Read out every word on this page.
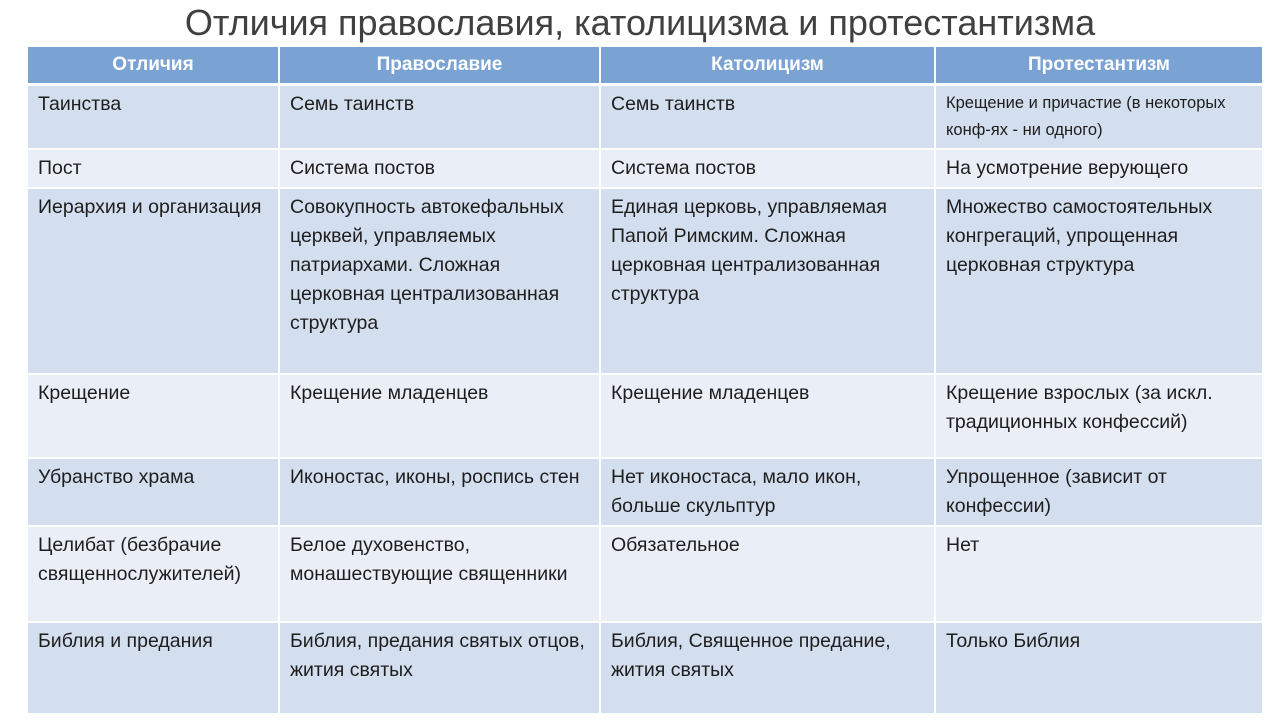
Отличия православия, католицизма и протестантизма
Отличия	Православие	Католицизм	Протестантизм
Таинства	Семь таинств	Семь таинств	Крещение и причастие (в некоторых конф-ях - ни одного)
Пост	Система постов	Система постов	На усмотрение верующего
Иерархия и организация	Совокупность автокефальных церквей, управляемых патриархами. Сложная церковная централизованная структура	Единая церковь, управляемая Папой Римским. Сложная церковная централизованная структура	Множество самостоятельных конгрегаций, упрощенная церковная структура
Крещение	Крещение младенцев	Крещение младенцев	Крещение взрослых (за искл. традиционных конфессий)
Убранство храма	Иконостас, иконы, роспись стен	Нет иконостаса, мало икон, больше скульптур	Упрощенное (зависит от конфессии)
Целибат (безбрачие священнослужителей)	Белое духовенство, монашествующие священники	Обязательное	Нет
Библия и предания	Библия, предания святых отцов, жития святых	Библия, Священное предание, жития святых	Только Библия
